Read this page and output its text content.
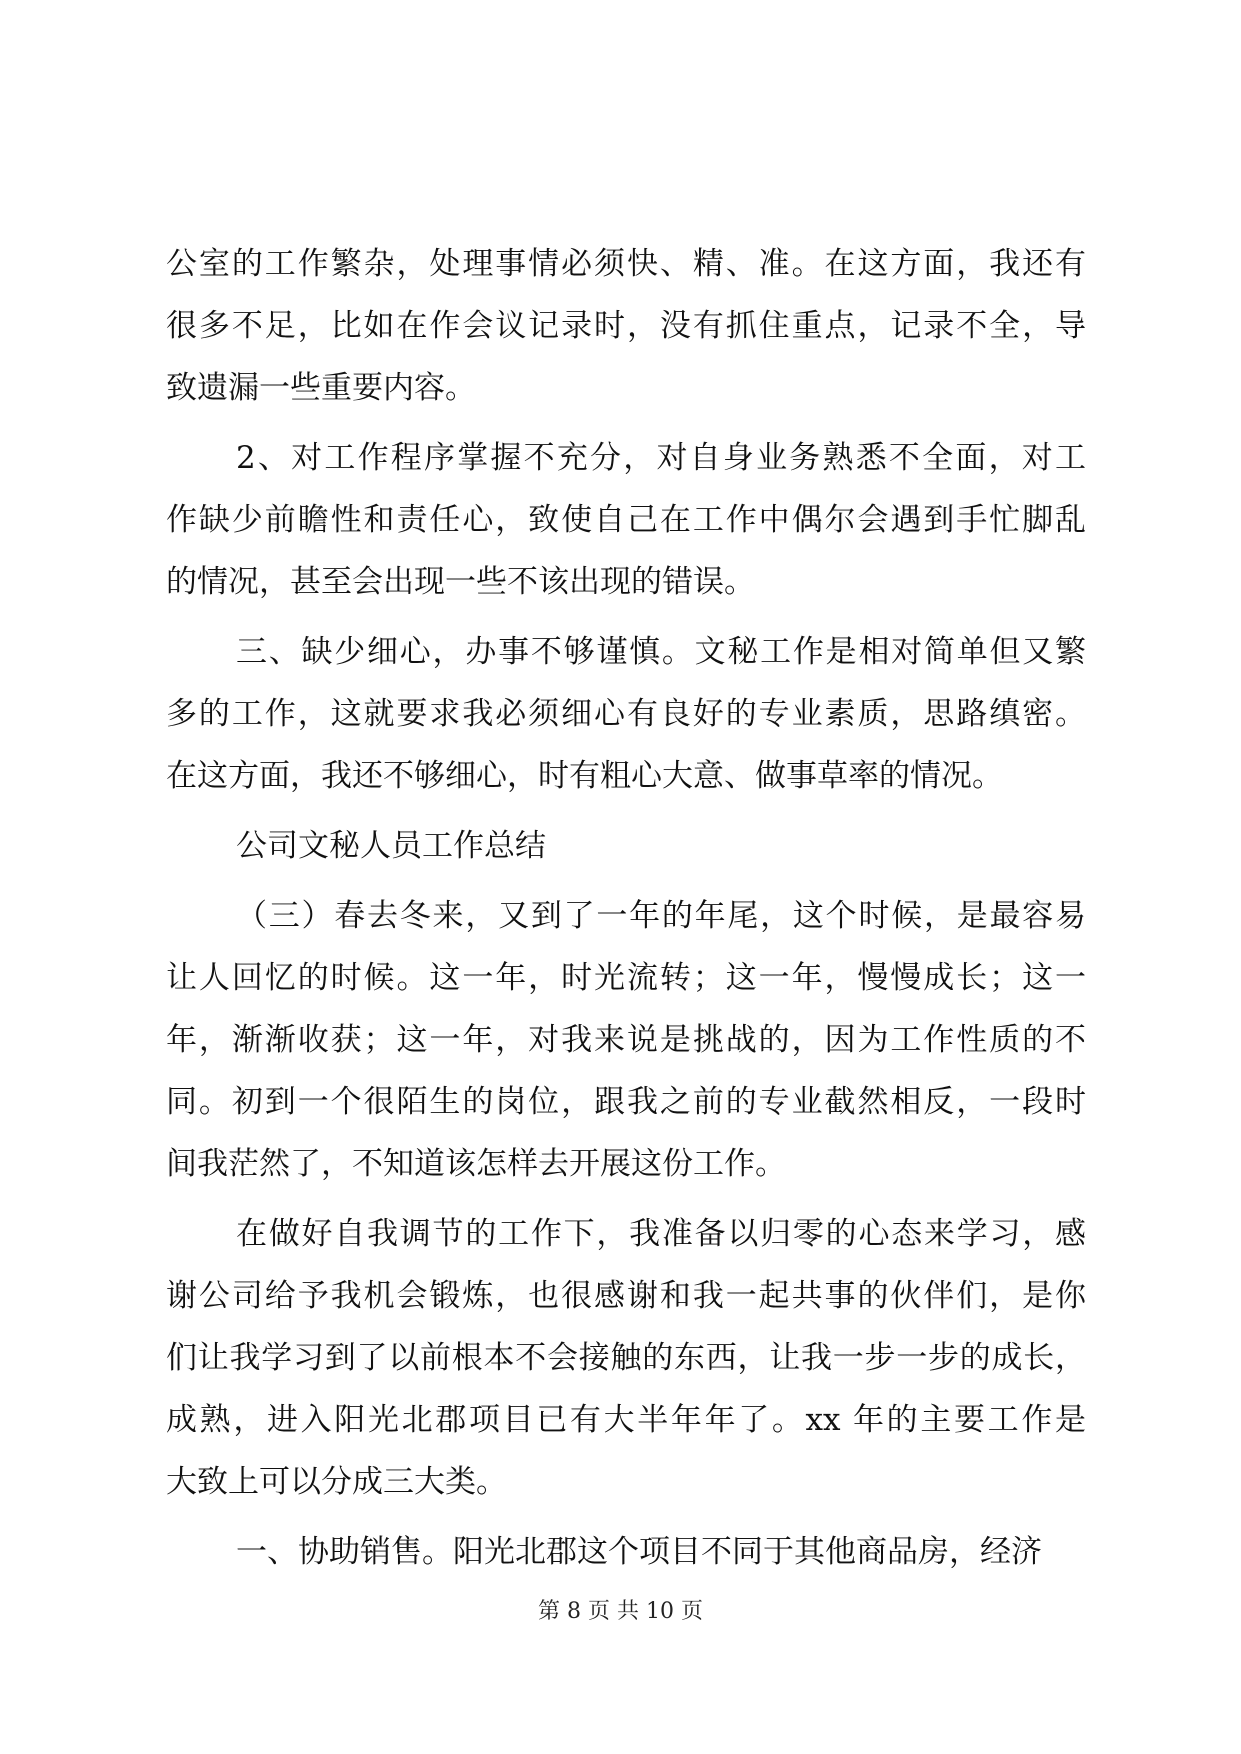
公室的工作繁杂，处理事情必须快、精、准。在这方面，我还有
很多不足，比如在作会议记录时，没有抓住重点，记录不全，导
致遗漏一些重要内容。
2、对工作程序掌握不充分，对自身业务熟悉不全面，对工
作缺少前瞻性和责任心，致使自己在工作中偶尔会遇到手忙脚乱
的情况，甚至会出现一些不该出现的错误。
三、缺少细心，办事不够谨慎。文秘工作是相对简单但又繁
多的工作，这就要求我必须细心有良好的专业素质，思路缜密。
在这方面，我还不够细心，时有粗心大意、做事草率的情况。
公司文秘人员工作总结
（三）春去冬来，又到了一年的年尾，这个时候，是最容易
让人回忆的时候。这一年，时光流转；这一年，慢慢成长；这一
年，渐渐收获；这一年，对我来说是挑战的，因为工作性质的不
同。初到一个很陌生的岗位，跟我之前的专业截然相反，一段时
间我茫然了，不知道该怎样去开展这份工作。
在做好自我调节的工作下，我准备以归零的心态来学习，感
谢公司给予我机会锻炼，也很感谢和我一起共事的伙伴们，是你
们让我学习到了以前根本不会接触的东西，让我一步一步的成长，
成熟，进入阳光北郡项目已有大半年年了。xx 年的主要工作是
大致上可以分成三大类。
一、协助销售。阳光北郡这个项目不同于其他商品房，经济
第 8 页 共 10 页
